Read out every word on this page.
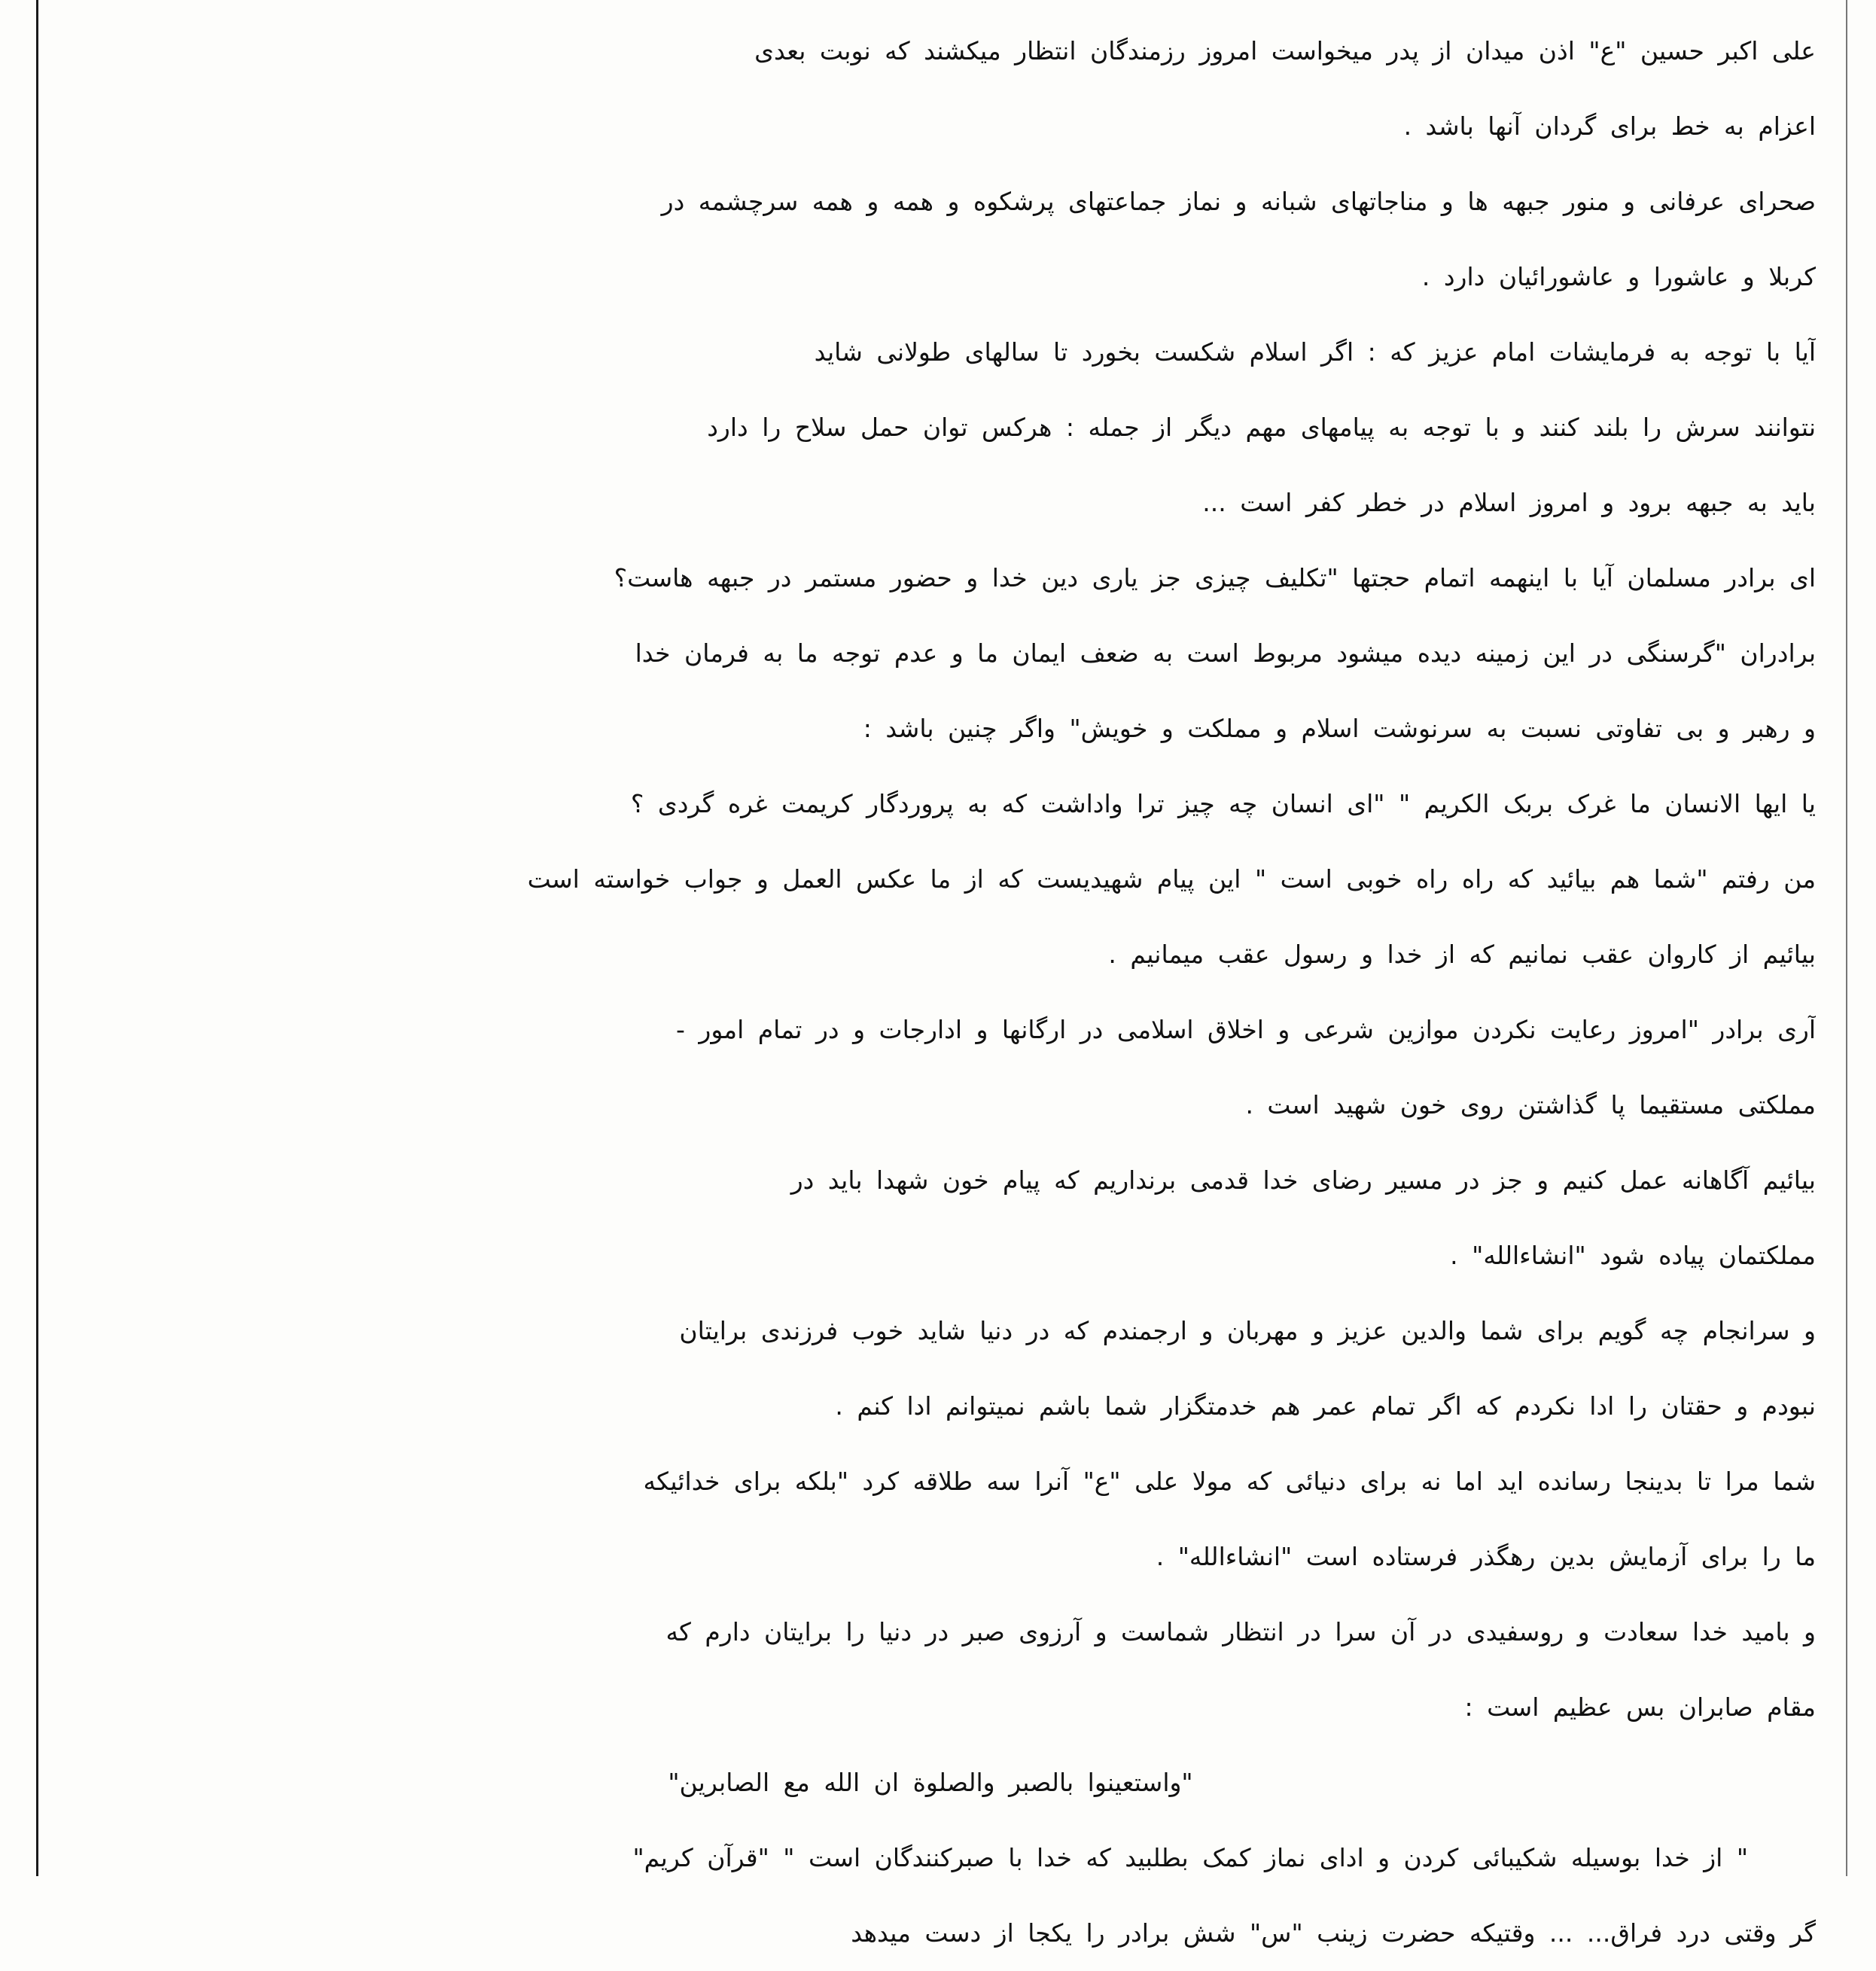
علی اکبر حسین "ع" اذن میدان از پدر میخواست امروز رزمندگان انتظار میکشند که نوبت بعدی
اعزام به خط برای گردان آنها باشد .
صحرای عرفانی و منور جبهه ها و مناجاتهای شبانه و نماز جماعتهای پرشکوه و همه و همه سرچشمه در
کربلا و عاشورا و عاشورائیان دارد .
آیا با توجه به فرمایشات امام عزیز که : اگر اسلام شکست بخورد تا سالهای طولانی شاید
نتوانند سرش را بلند کنند و با توجه به پیامهای مهم دیگر از جمله : هرکس توان حمل سلاح را دارد
باید به جبهه برود و امروز اسلام در خطر کفر است ...
ای برادر مسلمان آیا با اینهمه اتمام حجتها "تکلیف چیزی جز یاری دین خدا و حضور مستمر در جبهه هاست؟
برادران "گرسنگی در این زمینه دیده میشود مربوط است به ضعف ایمان ما و عدم توجه ما به فرمان خدا
و رهبر و بی تفاوتی نسبت به سرنوشت اسلام و مملکت و خویش" واگر چنین باشد :
یا ایها الانسان ما غرک بربک الکریم " "ای انسان چه چیز ترا واداشت که به پروردگار کریمت غره گردی ؟
من رفتم "شما هم بیائید که راه راه خوبی است " این پیام شهیدیست که از ما عکس العمل و جواب خواسته است
بیائیم از کاروان عقب نمانیم که از خدا و رسول عقب میمانیم .
آری برادر "امروز رعایت نکردن موازین شرعی و اخلاق اسلامی در ارگانها و ادارجات و در تمام امور -
مملکتی مستقیما پا گذاشتن روی خون شهید است .
بیائیم آگاهانه عمل کنیم و جز در مسیر رضای خدا قدمی برنداریم که پیام خون شهدا باید در
مملکتمان پیاده شود "انشاءالله" .
و سرانجام چه گویم برای شما والدین عزیز و مهربان و ارجمندم که در دنیا شاید خوب فرزندی برایتان
نبودم و حقتان را ادا نکردم که اگر تمام عمر هم خدمتگزار شما باشم نمیتوانم ادا کنم .
شما مرا تا بدینجا رسانده اید اما نه برای دنیائی که مولا علی "ع" آنرا سه طلاقه کرد "بلکه برای خدائیکه
ما را برای آزمایش بدین رهگذر فرستاده است "انشاءالله" .
و بامید خدا سعادت و روسفیدی در آن سرا در انتظار شماست و آرزوی صبر در دنیا را برایتان دارم که
مقام صابران بس عظیم است :
"واستعینوا بالصبر والصلوة ان الله مع الصابرین"
" از خدا بوسیله شکیبائی کردن و ادای نماز کمک بطلبید که خدا با صبرکنندگان است " "قرآن کریم"
گر وقتی درد فراق... ... وقتیکه حضرت زینب "س" شش برادر را یکجا از دست میدهد
